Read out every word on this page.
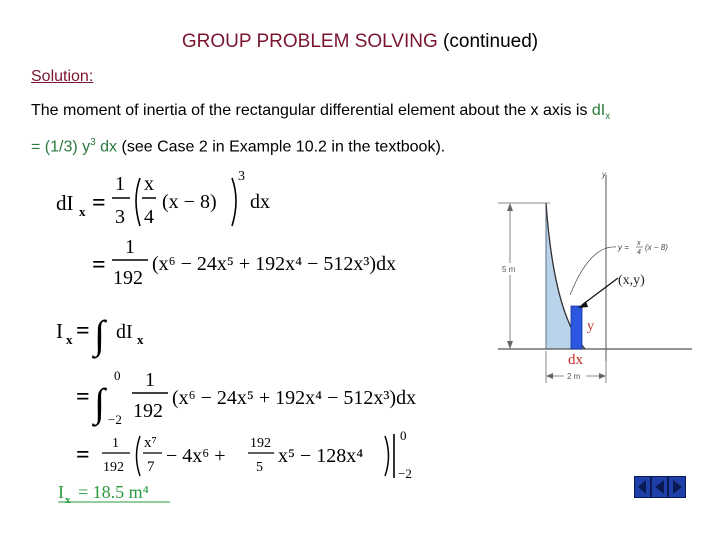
GROUP PROBLEM SOLVING (continued)
Solution:
The moment of inertia of the rectangular differential element about the x axis is $dI_x$
= (1/3) $y^3$ dx (see Case 2 in Example 10.2 in the textbook).
dI x =
1
3
x
4
(x − 8)
3
dx
=
1
192
(x⁶ − 24x⁵ + 192x⁴ − 512x³)dx
I x = ∫ dI x
= ∫
0
−2
1
192
(x⁶ − 24x⁵ + 192x⁴ − 512x³)dx
= 1
192
x⁷
7 − 4x⁶ +
192
5
x⁵ − 128x⁴
0
−2
I x = 18.5 m⁴
y
5 m
y = x
4
(x − 8)
(x,y)
y
dx
2 m
